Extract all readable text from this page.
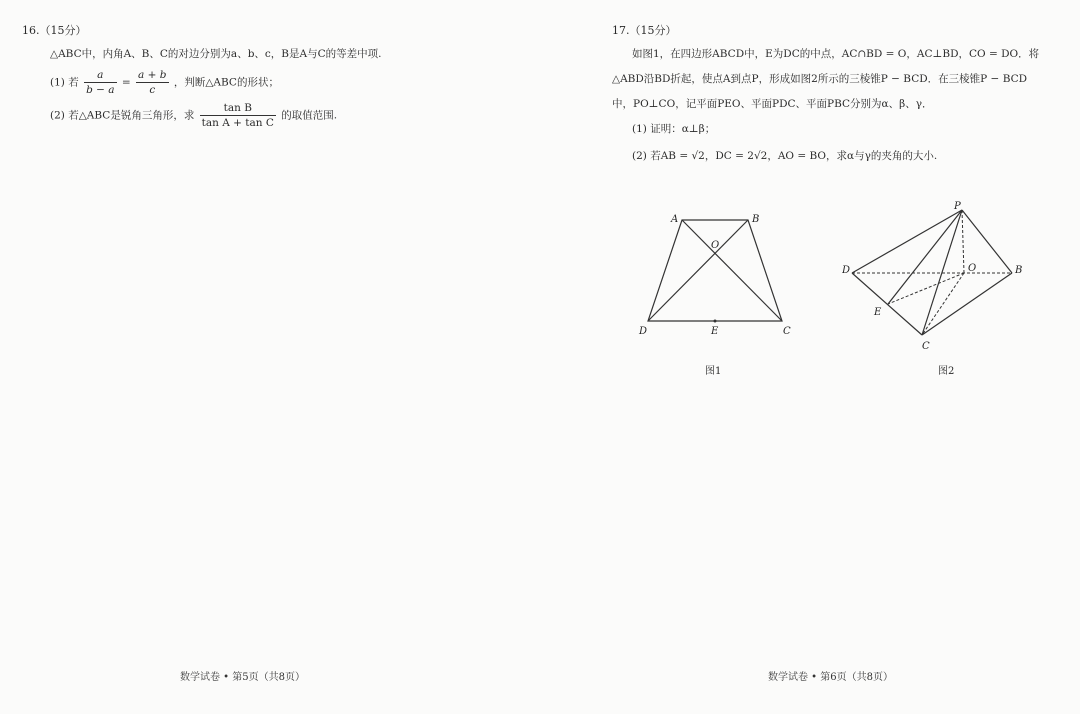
16.（15分）
△ABC中，内角A、B、C的对边分别为a、b、c，B是A与C的等差中项.
(1) 若 $\frac{a}{b - a} = \frac{a + b}{c}$ ，判断△ABC的形状；
(2) 若△ABC是锐角三角形，求 $\frac{\text{tan B}}{\text{tan A + tan C}}$ 的取值范围.
数学试卷 • 第5页（共8页）
17.（15分）
如图1，在四边形ABCD中，E为DC的中点，AC∩BD = O，AC⊥BD，CO = DO．将
△ABD沿BD折起，使点A到点P，形成如图2所示的三棱锥P − BCD．在三棱锥P − BCD
中，PO⊥CO，记平面PEO、平面PDC、平面PBC分别为α、β、γ．
(1) 证明：α⊥β；
(2) 若AB = √2，DC = 2√2，AO = BO，求α与γ的夹角的大小.
A	B
O
D	E	C
图1
P
D	O	B
E
C
图2
数学试卷 • 第6页（共8页）
